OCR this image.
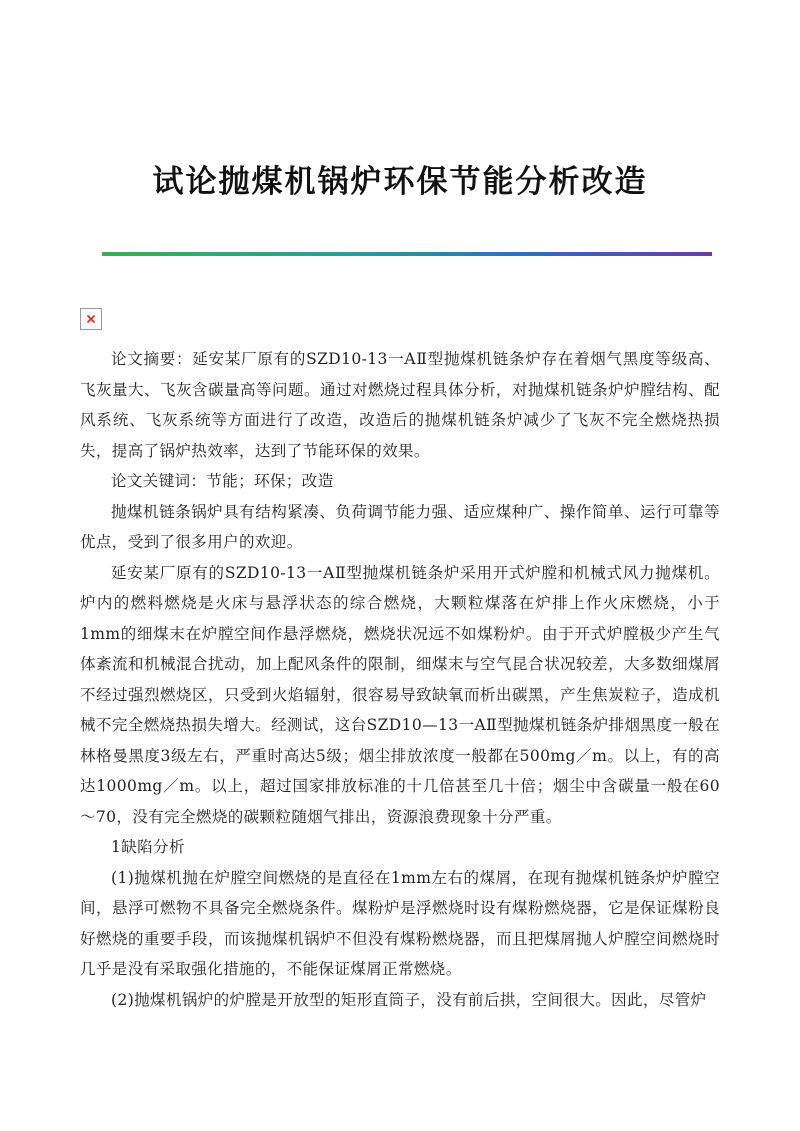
试论抛煤机锅炉环保节能分析改造

论文摘要：延安某厂原有的SZD10-13一AⅡ型抛煤机链条炉存在着烟气黑度等级高、飞灰量大、飞灰含碳量高等问题。通过对燃烧过程具体分析，对抛煤机链条炉炉膛结构、配风系统、飞灰系统等方面进行了改造，改造后的抛煤机链条炉减少了飞灰不完全燃烧热损失，提高了锅炉热效率，达到了节能环保的效果。

论文关键词：节能；环保；改造

抛煤机链条锅炉具有结构紧凑、负荷调节能力强、适应煤种广、操作简单、运行可靠等优点，受到了很多用户的欢迎。

延安某厂原有的SZD10-13一AⅡ型抛煤机链条炉采用开式炉膛和机械式风力抛煤机。炉内的燃料燃烧是火床与悬浮状态的综合燃烧，大颗粒煤落在炉排上作火床燃烧，小于1mm的细煤末在炉膛空间作悬浮燃烧，燃烧状况远不如煤粉炉。由于开式炉膛极少产生气体紊流和机械混合扰动，加上配风条件的限制，细煤末与空气昆合状况较差，大多数细煤屑不经过强烈燃烧区，只受到火焰辐射，很容易导致缺氧而析出碳黑，产生焦炭粒子，造成机械不完全燃烧热损失增大。经测试，这台SZD10—13一AⅡ型抛煤机链条炉排烟黑度一般在林格曼黑度3级左右，严重时高达5级；烟尘排放浓度一般都在500mg／m。以上，有的高达1000mg／m。以上，超过国家排放标准的十几倍甚至几十倍；烟尘中含碳量一般在60～70，没有完全燃烧的碳颗粒随烟气排出，资源浪费现象十分严重。

1缺陷分析

(1)抛煤机抛在炉膛空间燃烧的是直径在1mm左右的煤屑，在现有抛煤机链条炉炉膛空间，悬浮可燃物不具备完全燃烧条件。煤粉炉是浮燃烧时设有煤粉燃烧器，它是保证煤粉良好燃烧的重要手段，而该抛煤机锅炉不但没有煤粉燃烧器，而且把煤屑抛人炉膛空间燃烧时几乎是没有采取强化措施的，不能保证煤屑正常燃烧。

(2)抛煤机锅炉的炉膛是开放型的矩形直筒子，没有前后拱，空间很大。因此，尽管炉
